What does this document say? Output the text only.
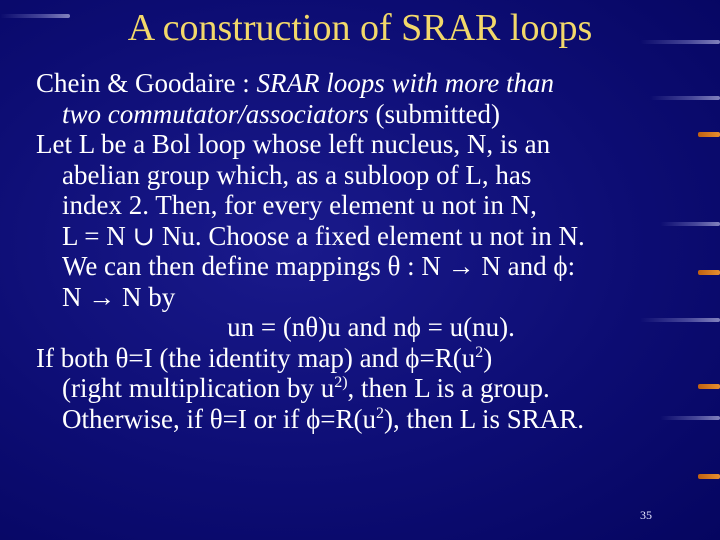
A construction of SRAR loops
Chein & Goodaire : SRAR loops with more than
two commutator/associators (submitted)
Let L be a Bol loop whose left nucleus, N, is an
abelian group which, as a subloop of L, has
index 2. Then, for every element u not in N,
L = N ∪ Nu. Choose a fixed element u not in N.
We can then define mappings θ : N → N and ϕ:
N → N by
un = (nθ)u and nϕ = u(nu).
If both θ=I (the identity map) and $\phi=R(u^2)$
(right multiplication by $u^{2)}$, then L is a group.
Otherwise, if θ=I or if $\phi=R(u^2)$, then L is SRAR.
35
